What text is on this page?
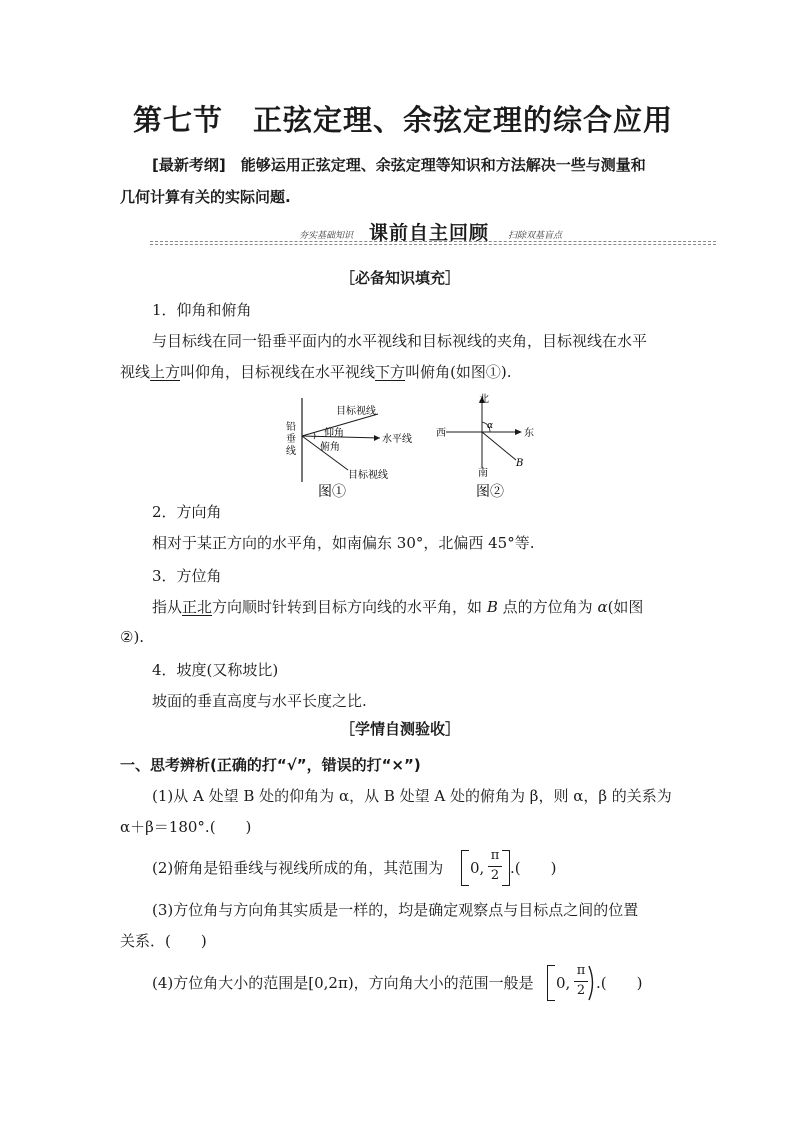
第七节 正弦定理、余弦定理的综合应用
[最新考纲]　能够运用正弦定理、余弦定理等知识和方法解决一些与测量和
几何计算有关的实际问题.
夯实基础知识 课前自主回顾 扫除双基盲点
［必备知识填充］
1．仰角和俯角
与目标线在同一铅垂平面内的水平视线和目标视线的夹角，目标视线在水平
视线上方叫仰角，目标视线在水平视线下方叫俯角(如图①).
铅
垂
线
目标视线
仰角
水平线
俯角
目标视线
北
南
西	东
α
B
图①	图②
2．方向角
相对于某正方向的水平角，如南偏东 30°，北偏西 45°等.
3．方位角
指从正北方向顺时针转到目标方向线的水平角，如 B 点的方位角为 α(如图
②).
4．坡度(又称坡比)
坡面的垂直高度与水平长度之比.
［学情自测验收］
一、思考辨析(正确的打“√”，错误的打“×”)
(1)从 A 处望 B 处的仰角为 α，从 B 处望 A 处的俯角为 β，则 α，β 的关系为
α＋β＝180°.(　　)
(2)俯角是铅垂线与视线所成的角，其范围为 0,
π
2 .(　　)
(3)方位角与方向角其实质是一样的，均是确定观察点与目标点之间的位置
关系．(　　)
(4)方位角大小的范围是[0,2π)，方向角大小的范围一般是 0,
π
2 .(　　)
